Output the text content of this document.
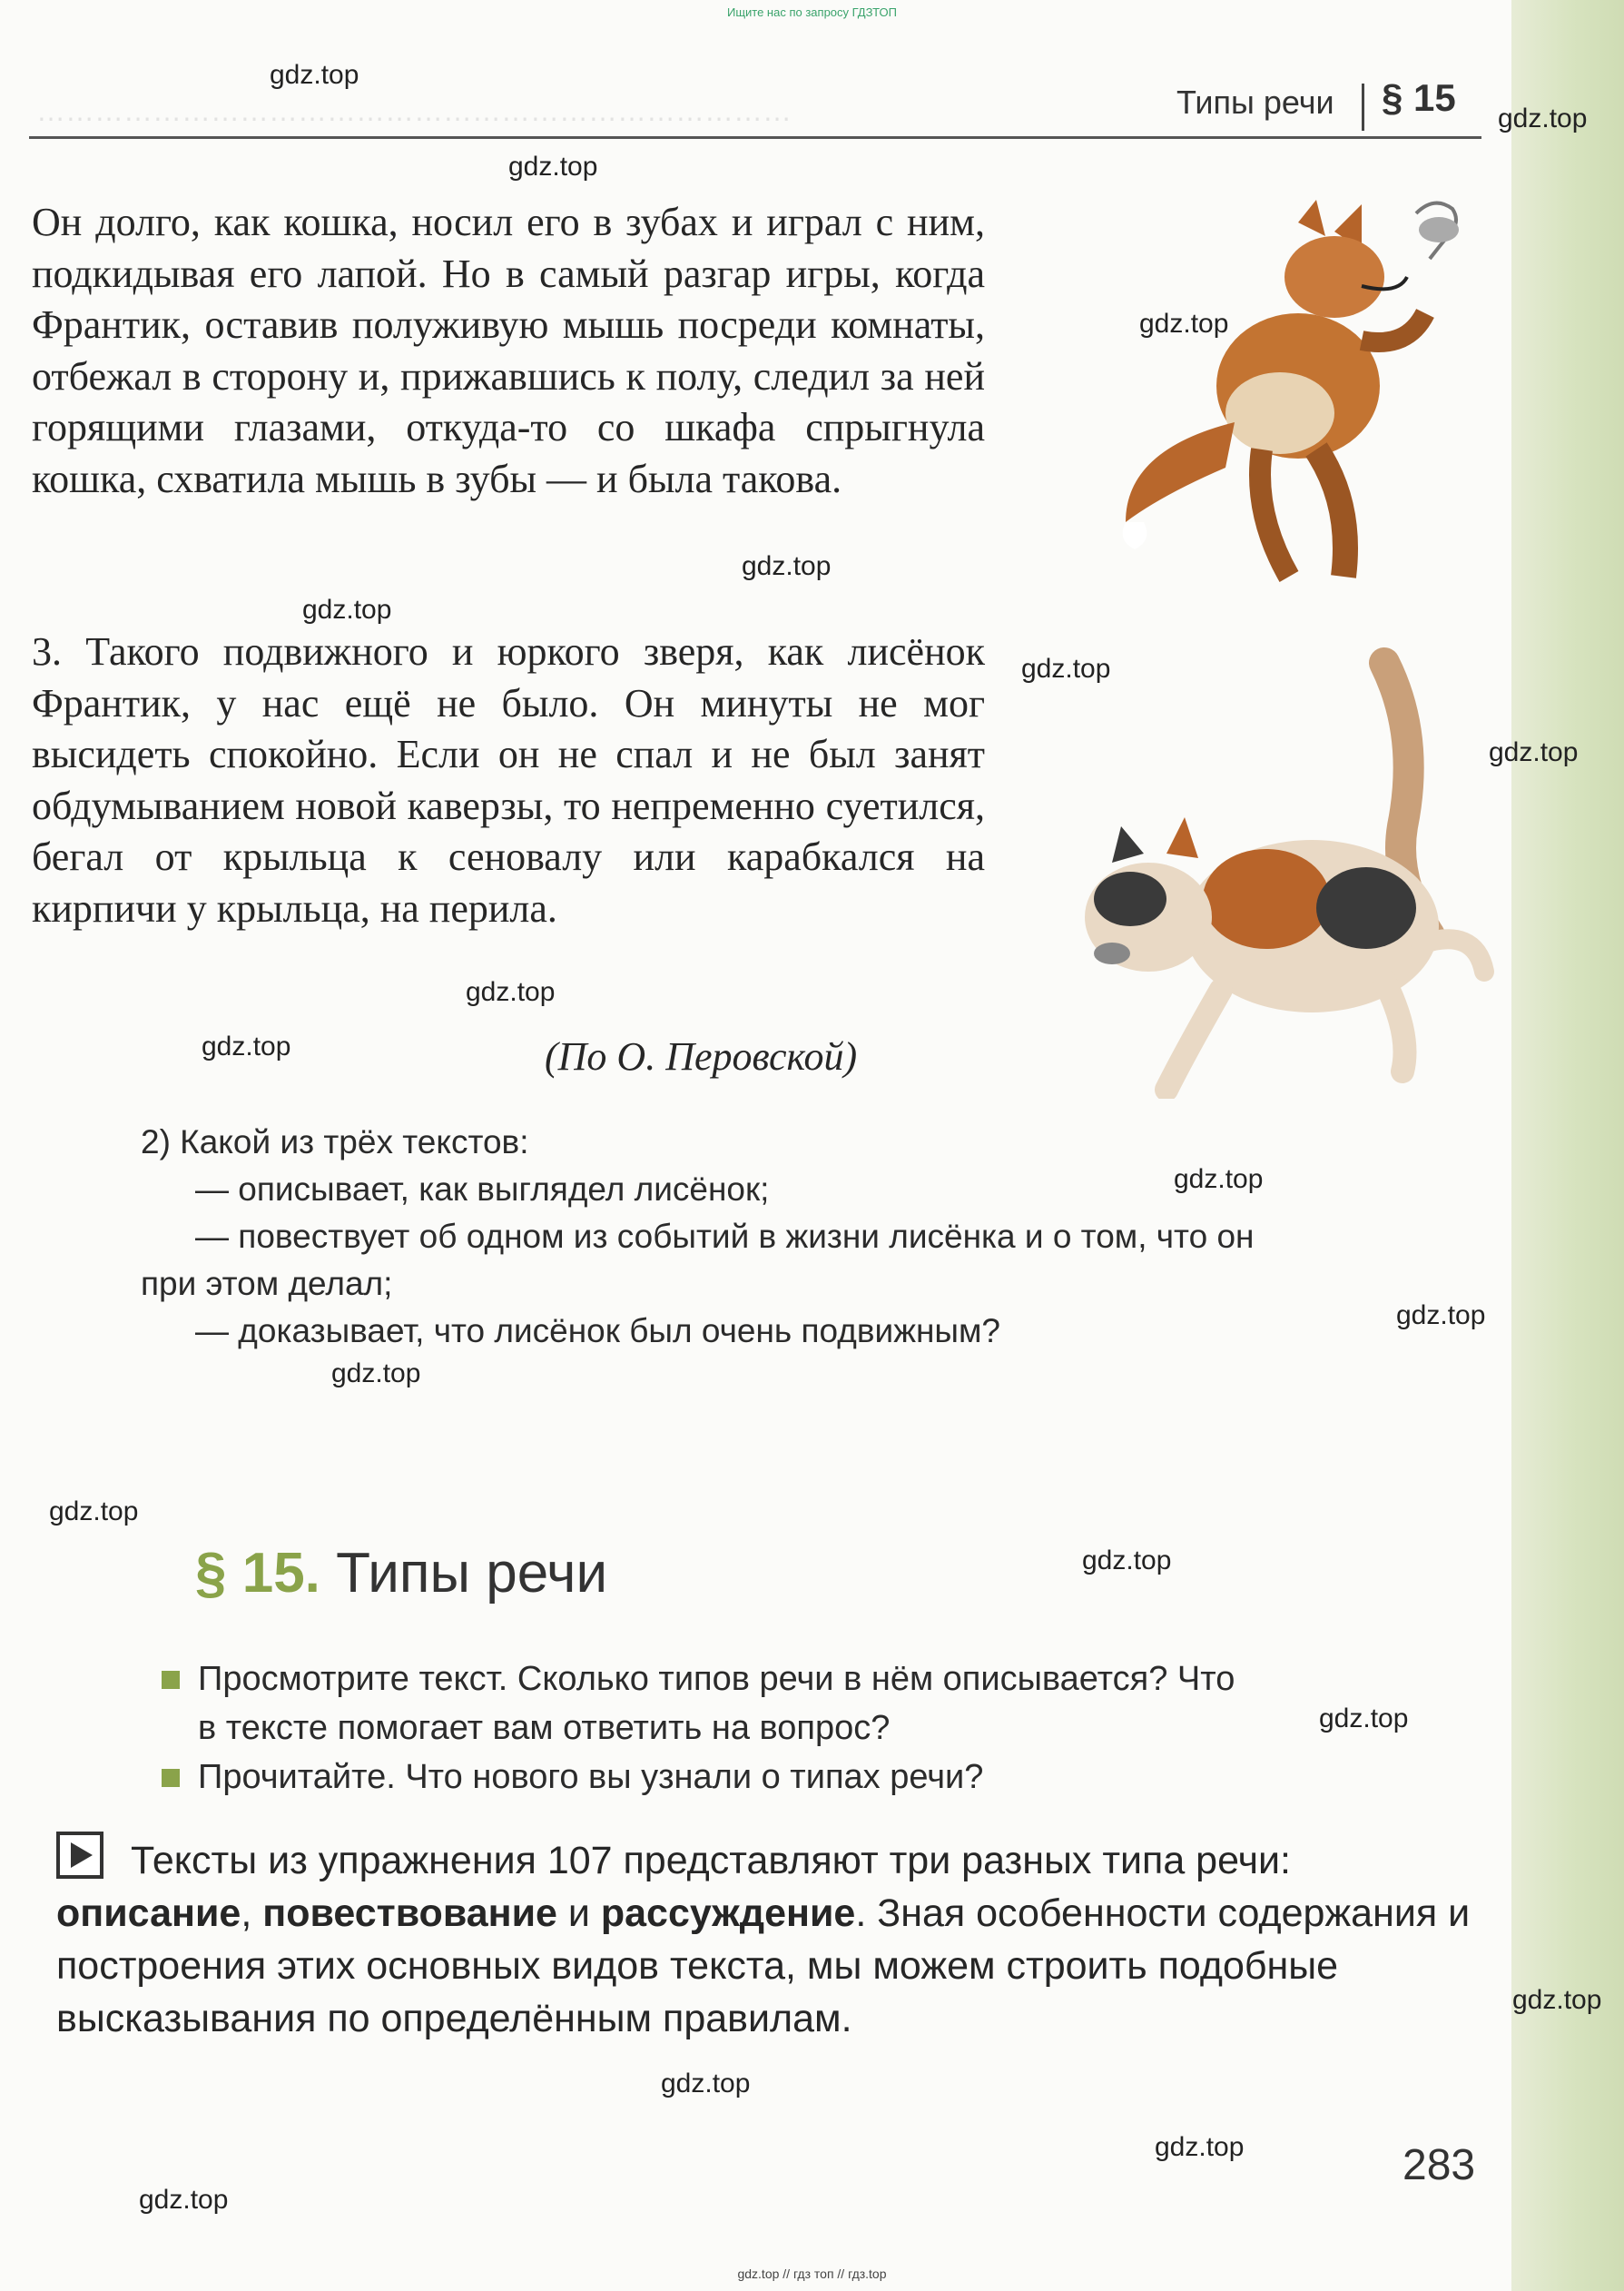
Ищите нас по запросу ГДЗТОП
……………………………………………………………………	Типы речи § 15

Он долго, как кошка, носил его в зубах и играл с ним, подкидывая его лапой. Но в самый разгар игры, когда Франтик, оставив полуживую мышь посреди комнаты, отбежал в сторону и, прижавшись к полу, следил за ней горящими глазами, откуда-то со шкафа спрыгнула кошка, схватила мышь в зубы — и была такова.

3. Такого подвижного и юркого зверя, как лисёнок Франтик, у нас ещё не было. Он минуты не мог высидеть спокойно. Если он не спал и не был занят обдумыванием новой каверзы, то непременно суетился, бегал от крыльца к сеновалу или карабкался на кирпичи у крыльца, на перила.

(По О. Перовской)
2) Какой из трёх текстов:
— описывает, как выглядел лисёнок;
— повествует об одном из событий в жизни лисёнка и о том, что он
при этом делал;
— доказывает, что лисёнок был очень подвижным?
§ 15. Типы речи
Просмотрите текст. Сколько типов речи в нём описывается? Что
в тексте помогает вам ответить на вопрос?
Прочитайте. Что нового вы узнали о типах речи?
Тексты из упражнения 107 представляют три разных типа речи: описание, повествование и рассуждение. Зная особенности содержания и построения этих основных видов текста, мы можем строить подобные высказывания по определённым правилам.
283
gdz.top
gdz.top
gdz.top
gdz.top
gdz.top
gdz.top
gdz.top
gdz.top
gdz.top
gdz.top
gdz.top
gdz.top
gdz.top
gdz.top
gdz.top
gdz.top
gdz.top
gdz.top
gdz.top
gdz.top
gdz.top // гдз топ // гдз.top
